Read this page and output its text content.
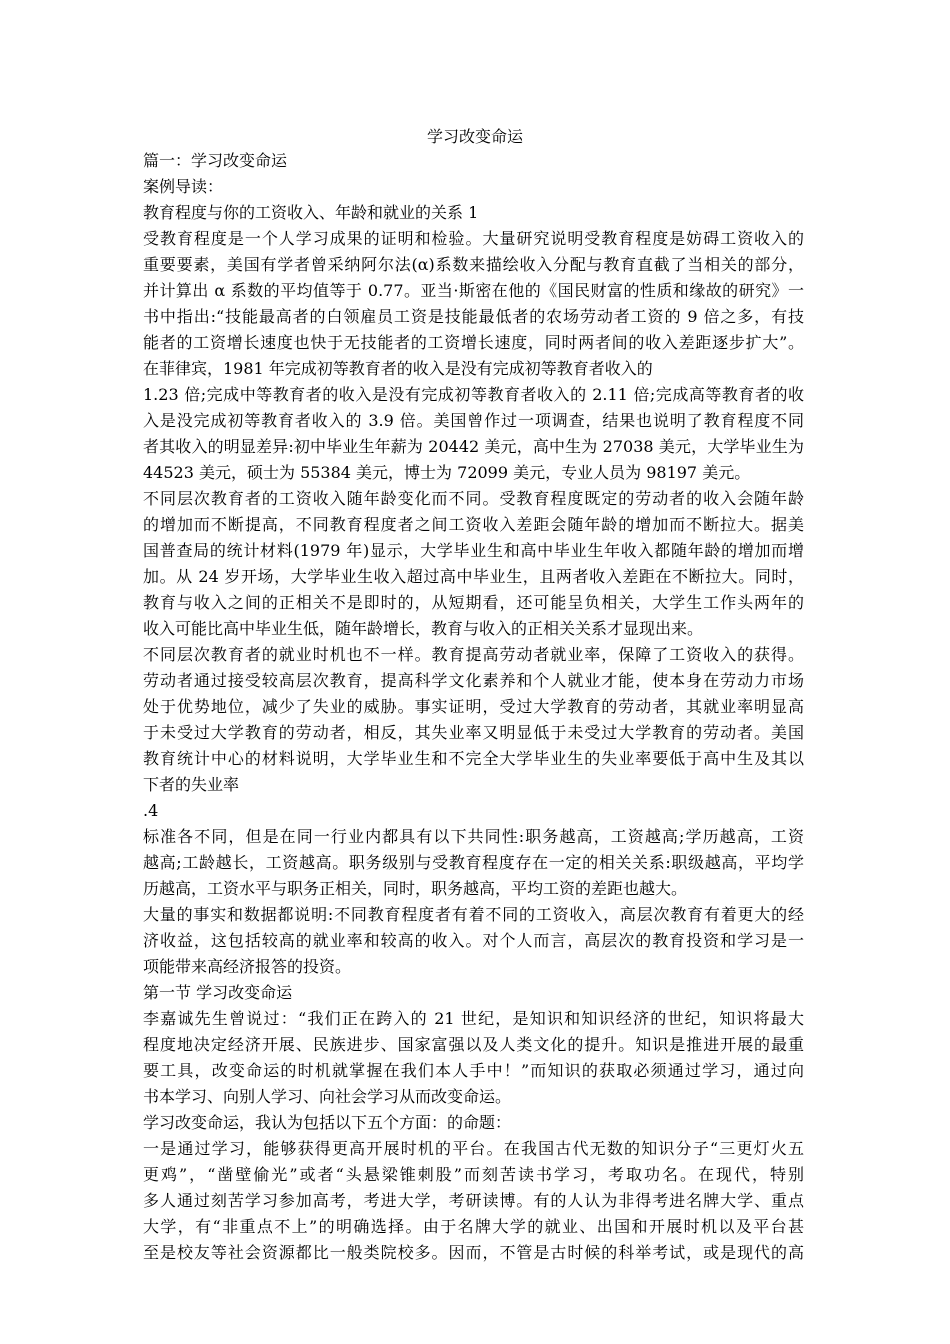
学习改变命运
篇一：学习改变命运
案例导读：
教育程度与你的工资收入、年龄和就业的关系 1
受教育程度是一个人学习成果的证明和检验。大量研究说明受教育程度是妨碍工资收入的
重要要素，美国有学者曾采纳阿尔法(α)系数来描绘收入分配与教育直截了当相关的部分，
并计算出 α 系数的平均值等于 0.77。亚当·斯密在他的《国民财富的性质和缘故的研究》一
书中指出:“技能最高者的白领雇员工资是技能最低者的农场劳动者工资的 9 倍之多，有技
能者的工资增长速度也快于无技能者的工资增长速度，同时两者间的收入差距逐步扩大”。
在菲律宾，1981 年完成初等教育者的收入是没有完成初等教育者收入的
1.23 倍;完成中等教育者的收入是没有完成初等教育者收入的 2.11 倍;完成高等教育者的收
入是没完成初等教育者收入的 3.9 倍。美国曾作过一项调查，结果也说明了教育程度不同
者其收入的明显差异:初中毕业生年薪为 20442 美元，高中生为 27038 美元，大学毕业生为
44523 美元，硕士为 55384 美元，博士为 72099 美元，专业人员为 98197 美元。
不同层次教育者的工资收入随年龄变化而不同。受教育程度既定的劳动者的收入会随年龄
的增加而不断提高，不同教育程度者之间工资收入差距会随年龄的增加而不断拉大。据美
国普查局的统计材料(1979 年)显示，大学毕业生和高中毕业生年收入都随年龄的增加而增
加。从 24 岁开场，大学毕业生收入超过高中毕业生，且两者收入差距在不断拉大。同时，
教育与收入之间的正相关不是即时的，从短期看，还可能呈负相关，大学生工作头两年的
收入可能比高中毕业生低，随年龄增长，教育与收入的正相关关系才显现出来。
不同层次教育者的就业时机也不一样。教育提高劳动者就业率，保障了工资收入的获得。
劳动者通过接受较高层次教育，提高科学文化素养和个人就业才能，使本身在劳动力市场
处于优势地位，减少了失业的威胁。事实证明，受过大学教育的劳动者，其就业率明显高
于未受过大学教育的劳动者，相反，其失业率又明显低于未受过大学教育的劳动者。美国
教育统计中心的材料说明，大学毕业生和不完全大学毕业生的失业率要低于高中生及其以
下者的失业率
.4
标准各不同，但是在同一行业内都具有以下共同性:职务越高，工资越高;学历越高，工资
越高;工龄越长，工资越高。职务级别与受教育程度存在一定的相关关系:职级越高，平均学
历越高，工资水平与职务正相关，同时，职务越高，平均工资的差距也越大。
大量的事实和数据都说明:不同教育程度者有着不同的工资收入，高层次教育有着更大的经
济收益，这包括较高的就业率和较高的收入。对个人而言，高层次的教育投资和学习是一
项能带来高经济报答的投资。
第一节 学习改变命运
李嘉诚先生曾说过：“我们正在跨入的 21 世纪，是知识和知识经济的世纪，知识将最大
程度地决定经济开展、民族进步、国家富强以及人类文化的提升。知识是推进开展的最重
要工具，改变命运的时机就掌握在我们本人手中！”而知识的获取必须通过学习，通过向
书本学习、向别人学习、向社会学习从而改变命运。
学习改变命运，我认为包括以下五个方面：的命题：
一是通过学习，能够获得更高开展时机的平台。在我国古代无数的知识分子“三更灯火五
更鸡”，“凿壁偷光”或者“头悬梁锥刺股”而刻苦读书学习，考取功名。在现代，特别
多人通过刻苦学习参加高考，考进大学，考研读博。有的人认为非得考进名牌大学、重点
大学，有“非重点不上”的明确选择。由于名牌大学的就业、出国和开展时机以及平台甚
至是校友等社会资源都比一般类院校多。因而，不管是古时候的科举考试，或是现代的高
